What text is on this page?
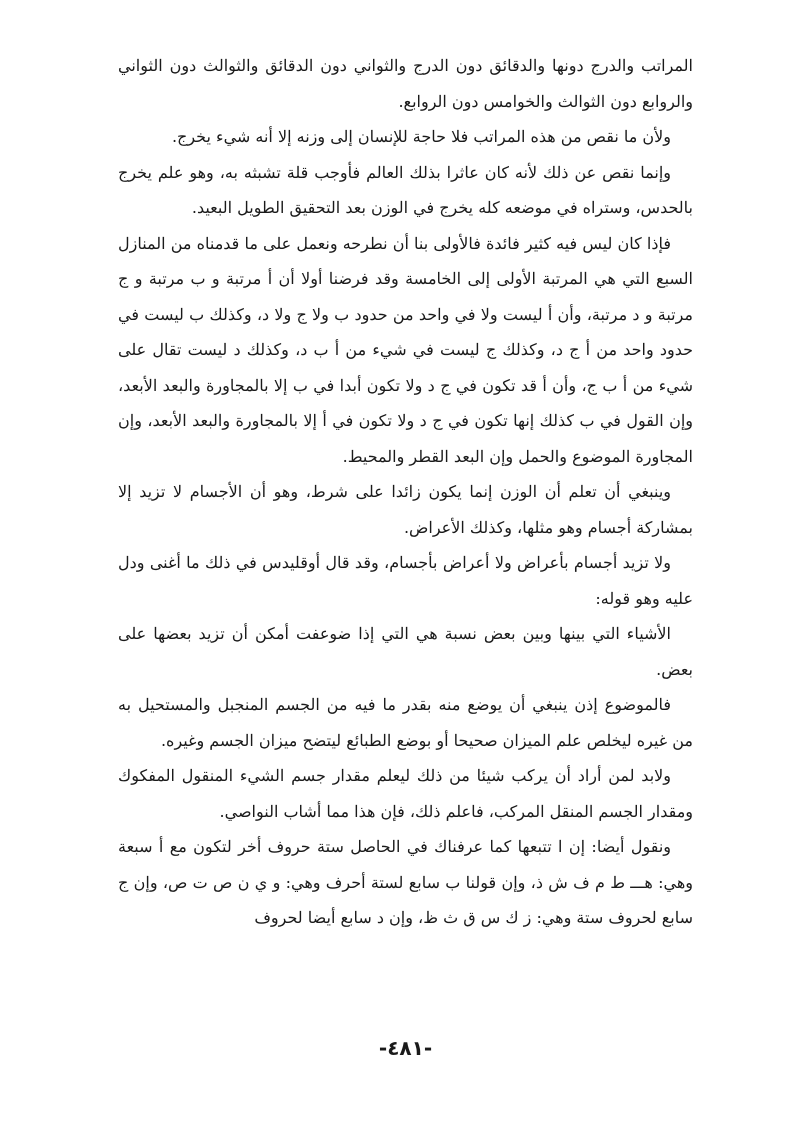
المراتب والدرج دونها والدقائق دون الدرج والثواني دون الدقائق والثوالث دون الثواني والروابع دون الثوالث والخوامس دون الروابع.

ولأن ما نقص من هذه المراتب فلا حاجة للإنسان إلى وزنه إلا أنه شيء يخرج.

وإنما نقص عن ذلك لأنه كان عاثرا بذلك العالم فأوجب قلة تشبثه به، وهو علم يخرج بالحدس، وستراه في موضعه كله يخرج في الوزن بعد التحقيق الطويل البعيد.

فإذا كان ليس فيه كثير فائدة فالأولى بنا أن نطرحه ونعمل على ما قدمناه من المنازل السبع التي هي المرتبة الأولى إلى الخامسة وقد فرضنا أولا أن أ مرتبة و ب مرتبة و ج مرتبة و د مرتبة، وأن أ ليست ولا في واحد من حدود ب ولا ج ولا د، وكذلك ب ليست في حدود واحد من أ ج د، وكذلك ج ليست في شيء من أ ب د، وكذلك د ليست تقال على شيء من أ ب ج، وأن أ قد تكون في ج د ولا تكون أبدا في ب إلا بالمجاورة والبعد الأبعد، وإن القول في ب كذلك إنها تكون في ج د ولا تكون في أ إلا بالمجاورة والبعد الأبعد، وإن المجاورة الموضوع والحمل وإن البعد القطر والمحيط.

وينبغي أن تعلم أن الوزن إنما يكون زائدا على شرط، وهو أن الأجسام لا تزيد إلا بمشاركة أجسام وهو مثلها، وكذلك الأعراض.

ولا تزيد أجسام بأعراض ولا أعراض بأجسام، وقد قال أوقليدس في ذلك ما أغنى ودل عليه وهو قوله:

الأشياء التي بينها وبين بعض نسبة هي التي إذا ضوعفت أمكن أن تزيد بعضها على بعض.

فالموضوع إذن ينبغي أن يوضع منه بقدر ما فيه من الجسم المنجبل والمستحيل به من غيره ليخلص علم الميزان صحيحا أو بوضع الطبائع ليتضح ميزان الجسم وغيره.

ولابد لمن أراد أن يركب شيئا من ذلك ليعلم مقدار جسم الشيء المنقول المفكوك ومقدار الجسم المنقل المركب، فاعلم ذلك، فإن هذا مما أشاب النواصي.

ونقول أيضا: إن ا تتبعها كما عرفناك في الحاصل ستة حروف أخر لتكون مع أ سبعة وهي: هـــ ط م ف ش ذ، وإن قولنا ب سابع لستة أحرف وهي: و ي ن ص ت ص، وإن ج سابع لحروف ستة وهي: ز ك س ق ث ظ، وإن د سابع أيضا لحروف

-٤٨١-
